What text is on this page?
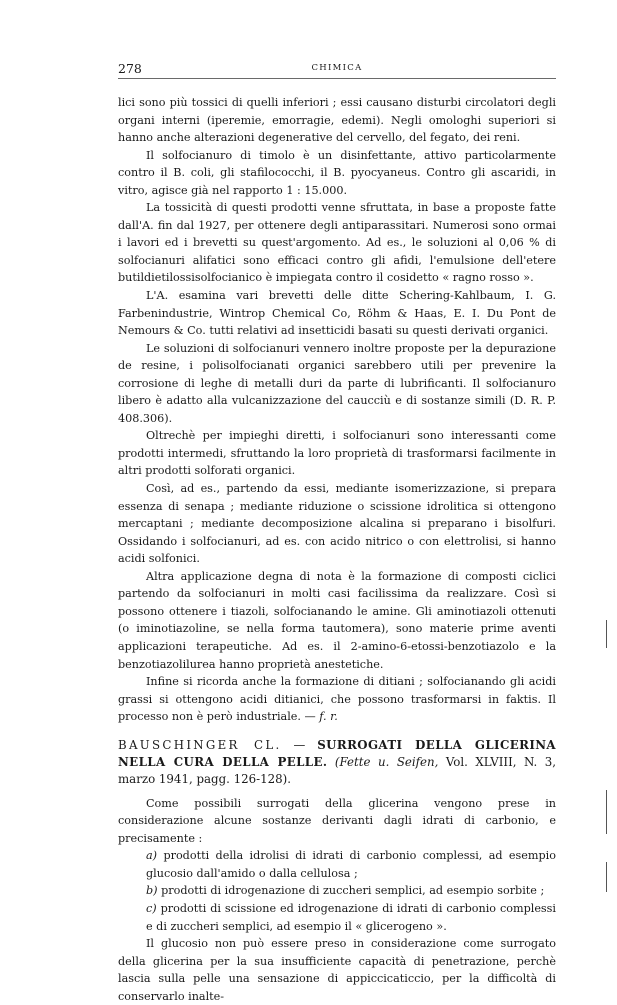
278	CHIMICA

lici sono più tossici di quelli inferiori ; essi causano disturbi circolatori degli organi interni (iperemie, emorragie, edemi). Negli omologhi superiori si hanno anche alterazioni degenerative del cervello, del fegato, dei reni.

Il solfocianuro di timolo è un disinfettante, attivo particolarmente contro il B. coli, gli stafilococchi, il B. pyocyaneus. Contro gli ascaridi, in vitro, agisce già nel rapporto 1 : 15.000.

La tossicità di questi prodotti venne sfruttata, in base a proposte fatte dall'A. fin dal 1927, per ottenere degli antiparassitari. Numerosi sono ormai i lavori ed i brevetti su quest'argomento. Ad es., le soluzioni al 0,06 % di solfocianuri alifatici sono efficaci contro gli afidi, l'emulsione dell'etere butildietilossisolfocianico è impiegata contro il cosidetto « ragno rosso ».

L'A. esamina vari brevetti delle ditte Schering-Kahlbaum, I. G. Farbenindustrie, Wintrop Chemical Co, Röhm & Haas, E. I. Du Pont de Nemours & Co. tutti relativi ad insetticidi basati su questi derivati organici.

Le soluzioni di solfocianuri vennero inoltre proposte per la depurazione de resine, i polisolfocianati organici sarebbero utili per prevenire la corrosione di leghe di metalli duri da parte di lubrificanti. Il solfocianuro libero è adatto alla vulcanizzazione del caucciù e di sostanze simili (D. R. P. 408.306).

Oltrechè per impieghi diretti, i solfocianuri sono interessanti come prodotti intermedi, sfruttando la loro proprietà di trasformarsi facilmente in altri prodotti solforati organici.

Così, ad es., partendo da essi, mediante isomerizzazione, si prepara essenza di senapa ; mediante riduzione o scissione idrolitica si ottengono mercaptani ; mediante decomposizione alcalina si preparano i bisolfuri. Ossidando i solfocianuri, ad es. con acido nitrico o con elettrolisi, si hanno acidi solfonici.

Altra applicazione degna di nota è la formazione di composti ciclici partendo da solfocianuri in molti casi facilissima da realizzare. Così si possono ottenere i tiazoli, solfocianando le amine. Gli aminotiazoli ottenuti (o iminotiazoline, se nella forma tautomera), sono materie prime aventi applicazioni terapeutiche. Ad es. il 2-amino-6-etossi-benzotiazolo e la benzotiazolilurea hanno proprietà anestetiche.

Infine si ricorda anche la formazione di ditiani ; solfocianando gli acidi grassi si ottengono acidi ditianici, che possono trasformarsi in faktis. Il processo non è però industriale. — f. r.

BAUSCHINGER CL. — SURROGATI DELLA GLICERINA NELLA CURA DELLA PELLE. (Fette u. Seifen, Vol. XLVIII, N. 3, marzo 1941, pagg. 126-128).

Come possibili surrogati della glicerina vengono prese in considerazione alcune sostanze derivanti dagli idrati di carbonio, e precisamente :

a) prodotti della idrolisi di idrati di carbonio complessi, ad esempio glucosio dall'amido o dalla cellulosa ;

b) prodotti di idrogenazione di zuccheri semplici, ad esempio sorbite ;

c) prodotti di scissione ed idrogenazione di idrati di carbonio complessi e di zuccheri semplici, ad esempio il « glicerogeno ».

Il glucosio non può essere preso in considerazione come surrogato della glicerina per la sua insufficiente capacità di penetrazione, perchè lascia sulla pelle una sensazione di appiccicaticcio, per la difficoltà di conservarlo inalte-
